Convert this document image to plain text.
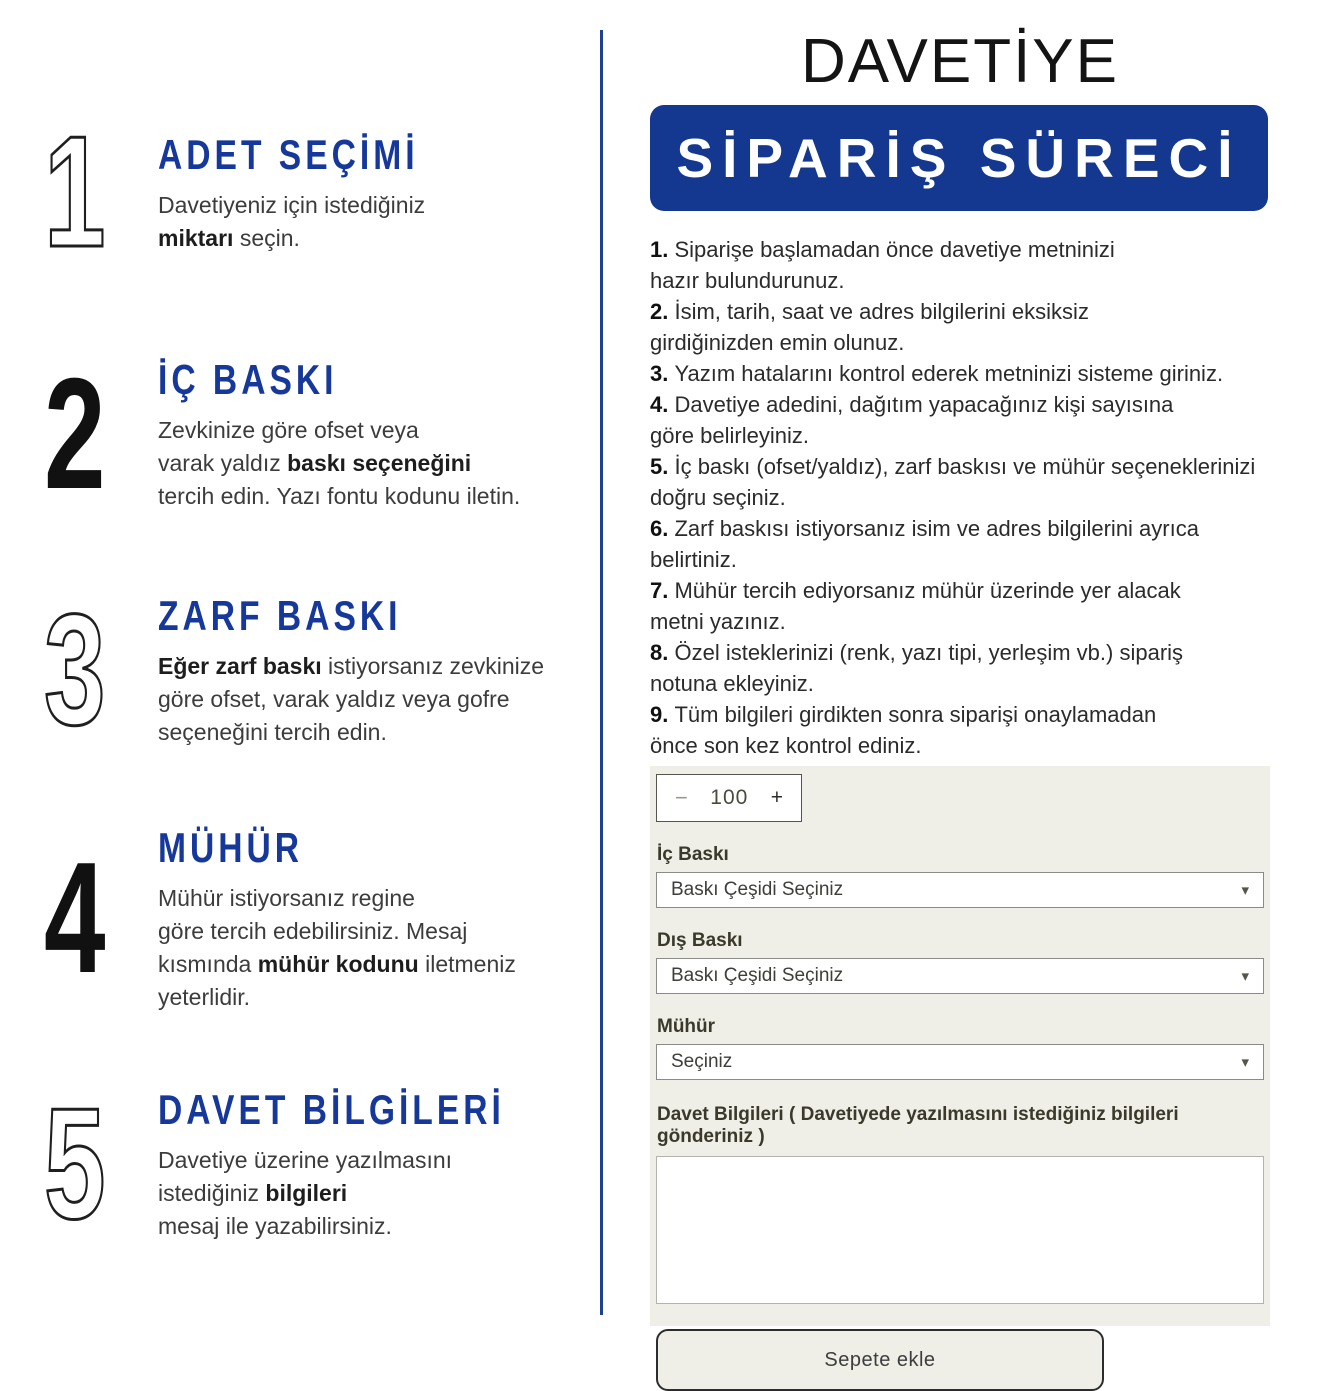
1	ADET SEÇİMİ
Davetiyeniz için istediğiniz
miktarı seçin.
2	İÇ BASKI
Zevkinize göre ofset veya
varak yaldız baskı seçeneğini
tercih edin. Yazı fontu kodunu iletin.
3	ZARF BASKI
Eğer zarf baskı istiyorsanız zevkinize
göre ofset, varak yaldız veya gofre
seçeneğini tercih edin.
4	MÜHÜR
Mühür istiyorsanız regine
göre tercih edebilirsiniz. Mesaj
kısmında mühür kodunu iletmeniz
yeterlidir.
5	DAVET BİLGİLERİ
Davetiye üzerine yazılmasını
istediğiniz bilgileri
mesaj ile yazabilirsiniz.
DAVETİYE
SİPARİŞ SÜRECİ
1. Siparişe başlamadan önce davetiye metninizi
hazır bulundurunuz.
2. İsim, tarih, saat ve adres bilgilerini eksiksiz
girdiğinizden emin olunuz.
3. Yazım hatalarını kontrol ederek metninizi sisteme giriniz.
4. Davetiye adedini, dağıtım yapacağınız kişi sayısına
göre belirleyiniz.
5. İç baskı (ofset/yaldız), zarf baskısı ve mühür seçeneklerinizi
doğru seçiniz.
6. Zarf baskısı istiyorsanız isim ve adres bilgilerini ayrıca
belirtiniz.
7. Mühür tercih ediyorsanız mühür üzerinde yer alacak
metni yazınız.
8. Özel isteklerinizi (renk, yazı tipi, yerleşim vb.) sipariş
notuna ekleyiniz.
9. Tüm bilgileri girdikten sonra siparişi onaylamadan
önce son kez kontrol ediniz.
− 100 +
İç Baskı
Baskı Çeşidi Seçiniz	▾
Dış Baskı
Baskı Çeşidi Seçiniz	▾
Mühür
Seçiniz	▾
Davet Bilgileri ( Davetiyede yazılmasını istediğiniz bilgileri gönderiniz )
Sepete ekle
